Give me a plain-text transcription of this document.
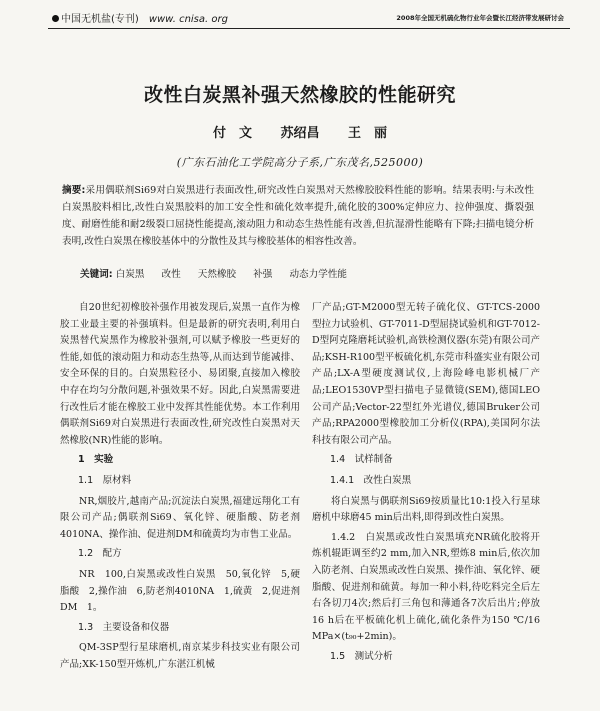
中国无机盐(专刊) www. cnisa. org	2008年全国无机硫化物行业年会暨长江经济带发展研讨会
改性白炭黑补强天然橡胶的性能研究
付　文 苏绍昌 王　丽
(广东石油化工学院高分子系,广东茂名,525000)
摘要:采用偶联剂Si69对白炭黑进行表面改性,研究改性白炭黑对天然橡胶胶料性能的影响。结果表明:与未改性白炭黑胶料相比,改性白炭黑胶料的加工安全性和硫化效率提升,硫化胶的300%定伸应力、拉伸强度、撕裂强度、耐磨性能和耐2级裂口屈挠性能提高,滚动阻力和动态生热性能有改善,但抗湿滑性能略有下降;扫描电镜分析表明,改性白炭黑在橡胶基体中的分散性及其与橡胶基体的相容性改善。
关键词: 白炭黑 改性 天然橡胶 补强 动态力学性能

自20世纪初橡胶补强作用被发现后,炭黑一直作为橡胶工业最主要的补强填料。但是最新的研究表明,利用白炭黑替代炭黑作为橡胶补强剂,可以赋予橡胶一些更好的性能,如低的滚动阻力和动态生热等,从而达到节能减排、安全环保的目的。白炭黑粒径小、易团聚,直接加入橡胶中存在均匀分散问题,补强效果不好。因此,白炭黑需要进行改性后才能在橡胶工业中发挥其性能优势。本工作利用偶联剂Si69对白炭黑进行表面改性,研究改性白炭黑对天然橡胶(NR)性能的影响。

1　实验

1.1　原材料

NR,烟胶片,越南产品;沉淀法白炭黑,福建远翔化工有限公司产品;偶联剂Si69、氧化锌、硬脂酸、防老剂4010NA、操作油、促进剂DM和硫黄均为市售工业品。

1.2　配方

NR　100,白炭黑或改性白炭黑　50,氧化锌　5,硬脂酸　2,操作油　6,防老剂4010NA　1,硫黄　2,促进剂DM　1。

1.3　主要设备和仪器

QM-3SP型行星球磨机,南京某步科技实业有限公司产品;XK-150型开炼机,广东湛江机械

厂产品;GT-M2000型无转子硫化仪、GT-TCS-2000型拉力试验机、GT-7011-D型屈挠试验机和GT-7012-D型阿克隆磨耗试验机,高铁检测仪器(东莞)有限公司产品;KSH-R100型平板硫化机,东莞市科盛实业有限公司产品;LX-A型硬度测试仪,上海险峰电影机械厂产品;LEO1530VP型扫描电子显微镜(SEM),德国LEO公司产品;Vector-22型红外光谱仪,德国Bruker公司产品;RPA2000型橡胶加工分析仪(RPA),美国阿尔法科技有限公司产品。

1.4　试样制备

1.4.1　改性白炭黑

将白炭黑与偶联剂Si69按质量比10:1投入行星球磨机中球磨45 min后出料,即得到改性白炭黑。

1.4.2　白炭黑或改性白炭黑填充NR硫化胶将开炼机辊距调至约2 mm,加入NR,塑炼8 min后,依次加入防老剂、白炭黑或改性白炭黑、操作油、氧化锌、硬脂酸、促进剂和硫黄。每加一种小料,待吃料完全后左右各切刀4次;然后打三角包和薄通各7次后出片;停放16 h后在平板硫化机上硫化,硫化条件为150 ℃/16 MPa×(t₉₀+2min)。

1.5　测试分析
